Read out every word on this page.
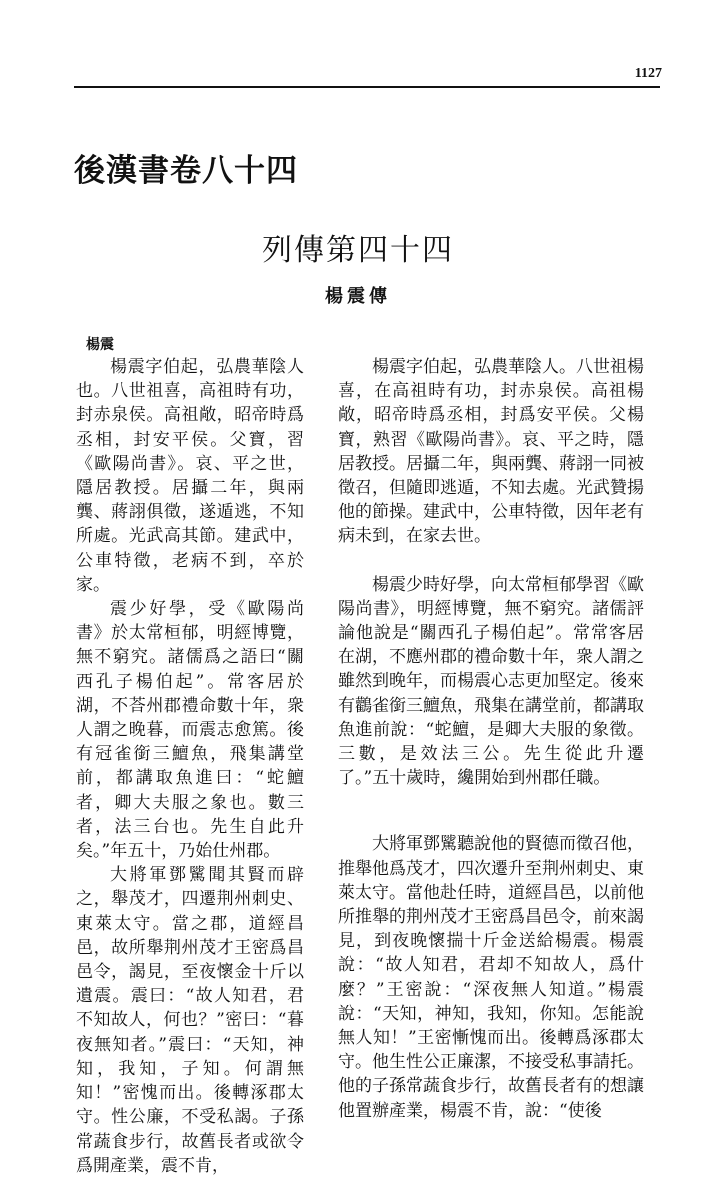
1127
後漢書卷八十四
列傳第四十四
楊震傳
楊震

楊震字伯起，弘農華陰人也。八世祖喜，高祖時有功，封赤泉侯。高祖敞，昭帝時爲丞相，封安平侯。父寶，習《歐陽尚書》。哀、平之世，隱居教授。居攝二年，與兩龔、蔣詡俱徵，遂遁逃，不知所處。光武高其節。建武中，公車特徵，老病不到，卒於家。

震少好學，受《歐陽尚書》於太常桓郁，明經博覽，無不窮究。諸儒爲之語曰“關西孔子楊伯起”。常客居於湖，不荅州郡禮命數十年，衆人謂之晚暮，而震志愈篤。後有冠雀銜三鱣魚，飛集講堂前，都講取魚進曰：“蛇鱣者，卿大夫服之象也。數三者，法三台也。先生自此升矣。”年五十，乃始仕州郡。

大將軍鄧騭聞其賢而辟之，舉茂才，四遷荆州刺史、東萊太守。當之郡，道經昌邑，故所舉荆州茂才王密爲昌邑令，謁見，至夜懷金十斤以遺震。震曰：“故人知君，君不知故人，何也？”密曰：“暮夜無知者。”震曰：“天知，神知，我知，子知。何謂無知！”密愧而出。後轉涿郡太守。性公廉，不受私謁。子孫常蔬食步行，故舊長者或欲令爲開產業，震不肯，

楊震字伯起，弘農華陰人。八世祖楊喜，在高祖時有功，封赤泉侯。高祖楊敞，昭帝時爲丞相，封爲安平侯。父楊寶，熟習《歐陽尚書》。哀、平之時，隱居教授。居攝二年，與兩龔、蔣詡一同被徵召，但隨即逃遁，不知去處。光武贊揚他的節操。建武中，公車特徵，因年老有病未到，在家去世。

楊震少時好學，向太常桓郁學習《歐陽尚書》，明經博覽，無不窮究。諸儒評論他說是“關西孔子楊伯起”。常常客居在湖，不應州郡的禮命數十年，衆人謂之雖然到晚年，而楊震心志更加堅定。後來有鸛雀銜三鱣魚，飛集在講堂前，都講取魚進前說：“蛇鱣，是卿大夫服的象徵。三數，是效法三公。先生從此升遷了。”五十歲時，纔開始到州郡任職。

大將軍鄧騭聽說他的賢德而徵召他，推舉他爲茂才，四次遷升至荆州刺史、東萊太守。當他赴任時，道經昌邑，以前他所推舉的荆州茂才王密爲昌邑令，前來謁見，到夜晚懷揣十斤金送給楊震。楊震說：“故人知君，君却不知故人，爲什麼？”王密說：“深夜無人知道。”楊震說：“天知，神知，我知，你知。怎能說無人知！”王密慚愧而出。後轉爲涿郡太守。他生性公正廉潔，不接受私事請托。他的子孫常蔬食步行，故舊長者有的想讓他置辦產業，楊震不肯，說：“使後
